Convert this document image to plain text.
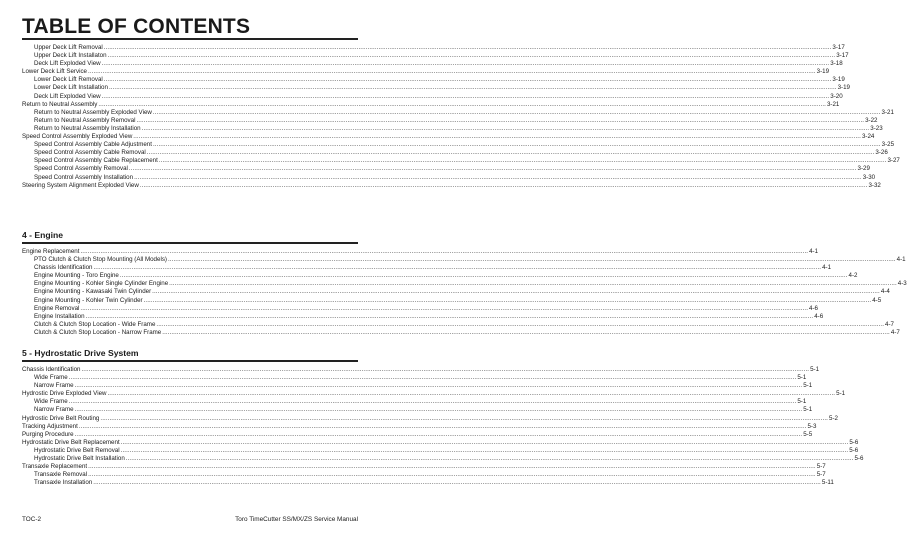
TABLE OF CONTENTS
Upper Deck Lift Removal ................................................................................................................................................................................................................................................................................................................................................................................................................ 3-17
Upper Deck Lift Installaton ................................................................................................................................................................................................................................................................................................................................................................................................................ 3-17
Deck Lift Exploded View ................................................................................................................................................................................................................................................................................................................................................................................................................ 3-18
Lower Deck Lift Service ................................................................................................................................................................................................................................................................................................................................................................................................................ 3-19
Lower Deck Lift Removal ................................................................................................................................................................................................................................................................................................................................................................................................................ 3-19
Lower Deck Lift Installation ................................................................................................................................................................................................................................................................................................................................................................................................................ 3-19
Deck Lift Exploded View ................................................................................................................................................................................................................................................................................................................................................................................................................ 3-20
Return to Neutral Assembly ................................................................................................................................................................................................................................................................................................................................................................................................................ 3-21
Return to Neutral Assembly Exploded View ................................................................................................................................................................................................................................................................................................................................................................................................................ 3-21
Return to Neutral Assembly Removal ................................................................................................................................................................................................................................................................................................................................................................................................................ 3-22
Return to Neutral Assembly Installation ................................................................................................................................................................................................................................................................................................................................................................................................................ 3-23
Speed Control Assembly Exploded View ................................................................................................................................................................................................................................................................................................................................................................................................................ 3-24
Speed Control Assembly Cable Adjustment ................................................................................................................................................................................................................................................................................................................................................................................................................ 3-25
Speed Control Assembly Cable Removal ................................................................................................................................................................................................................................................................................................................................................................................................................ 3-26
Speed Control Assembly Cable Replacement ................................................................................................................................................................................................................................................................................................................................................................................................................ 3-27
Speed Control Assembly Removal ................................................................................................................................................................................................................................................................................................................................................................................................................ 3-29
Speed Control Assembly Installation ................................................................................................................................................................................................................................................................................................................................................................................................................ 3-30
Steering System Alignment Exploded View ................................................................................................................................................................................................................................................................................................................................................................................................................ 3-32
4 - Engine
Engine Replacement ................................................................................................................................................................................................................................................................................................................................................................................................................ 4-1
PTO Clutch & Clutch Stop Mounting (All Models) ................................................................................................................................................................................................................................................................................................................................................................................................................ 4-1
Chassis Identification ................................................................................................................................................................................................................................................................................................................................................................................................................ 4-1
Engine Mounting - Toro Engine ................................................................................................................................................................................................................................................................................................................................................................................................................ 4-2
Engine Mounting - Kohler Single Cylinder Engine ................................................................................................................................................................................................................................................................................................................................................................................................................ 4-3
Engine Mounting - Kawasaki Twin Cylinder ................................................................................................................................................................................................................................................................................................................................................................................................................ 4-4
Engine Mounting - Kohler Twin Cylinder ................................................................................................................................................................................................................................................................................................................................................................................................................ 4-5
Engine Removal ................................................................................................................................................................................................................................................................................................................................................................................................................ 4-6
Engine Installation ................................................................................................................................................................................................................................................................................................................................................................................................................ 4-6
Clutch & Clutch Stop Location - Wide Frame ................................................................................................................................................................................................................................................................................................................................................................................................................ 4-7
Clutch & Clutch Stop Location - Narrow Frame ................................................................................................................................................................................................................................................................................................................................................................................................................ 4-7
5 - Hydrostatic Drive System
Chassis Identification ................................................................................................................................................................................................................................................................................................................................................................................................................ 5-1
Wide Frame ................................................................................................................................................................................................................................................................................................................................................................................................................ 5-1
Narrow Frame ................................................................................................................................................................................................................................................................................................................................................................................................................ 5-1
Hydrostic Drive Exploded View ................................................................................................................................................................................................................................................................................................................................................................................................................ 5-1
Wide Frame ................................................................................................................................................................................................................................................................................................................................................................................................................ 5-1
Narrow Frame ................................................................................................................................................................................................................................................................................................................................................................................................................ 5-1
Hydrostic Drive Belt Routing ................................................................................................................................................................................................................................................................................................................................................................................................................ 5-2
Tracking Adjustment ................................................................................................................................................................................................................................................................................................................................................................................................................ 5-3
Purging Procedure ................................................................................................................................................................................................................................................................................................................................................................................................................ 5-5
Hydrostatic Drive Belt Replacement ................................................................................................................................................................................................................................................................................................................................................................................................................ 5-6
Hydrostatic Drive Belt Removal ................................................................................................................................................................................................................................................................................................................................................................................................................ 5-6
Hydrostatic Drive Belt Installation ................................................................................................................................................................................................................................................................................................................................................................................................................ 5-6
Transaxle Replacement ................................................................................................................................................................................................................................................................................................................................................................................................................ 5-7
Transaxle Removal ................................................................................................................................................................................................................................................................................................................................................................................................................ 5-7
Transaxle Installation ................................................................................................................................................................................................................................................................................................................................................................................................................ 5-11
TOC-2	Toro TimeCutter SS/MX/ZS Service Manual
